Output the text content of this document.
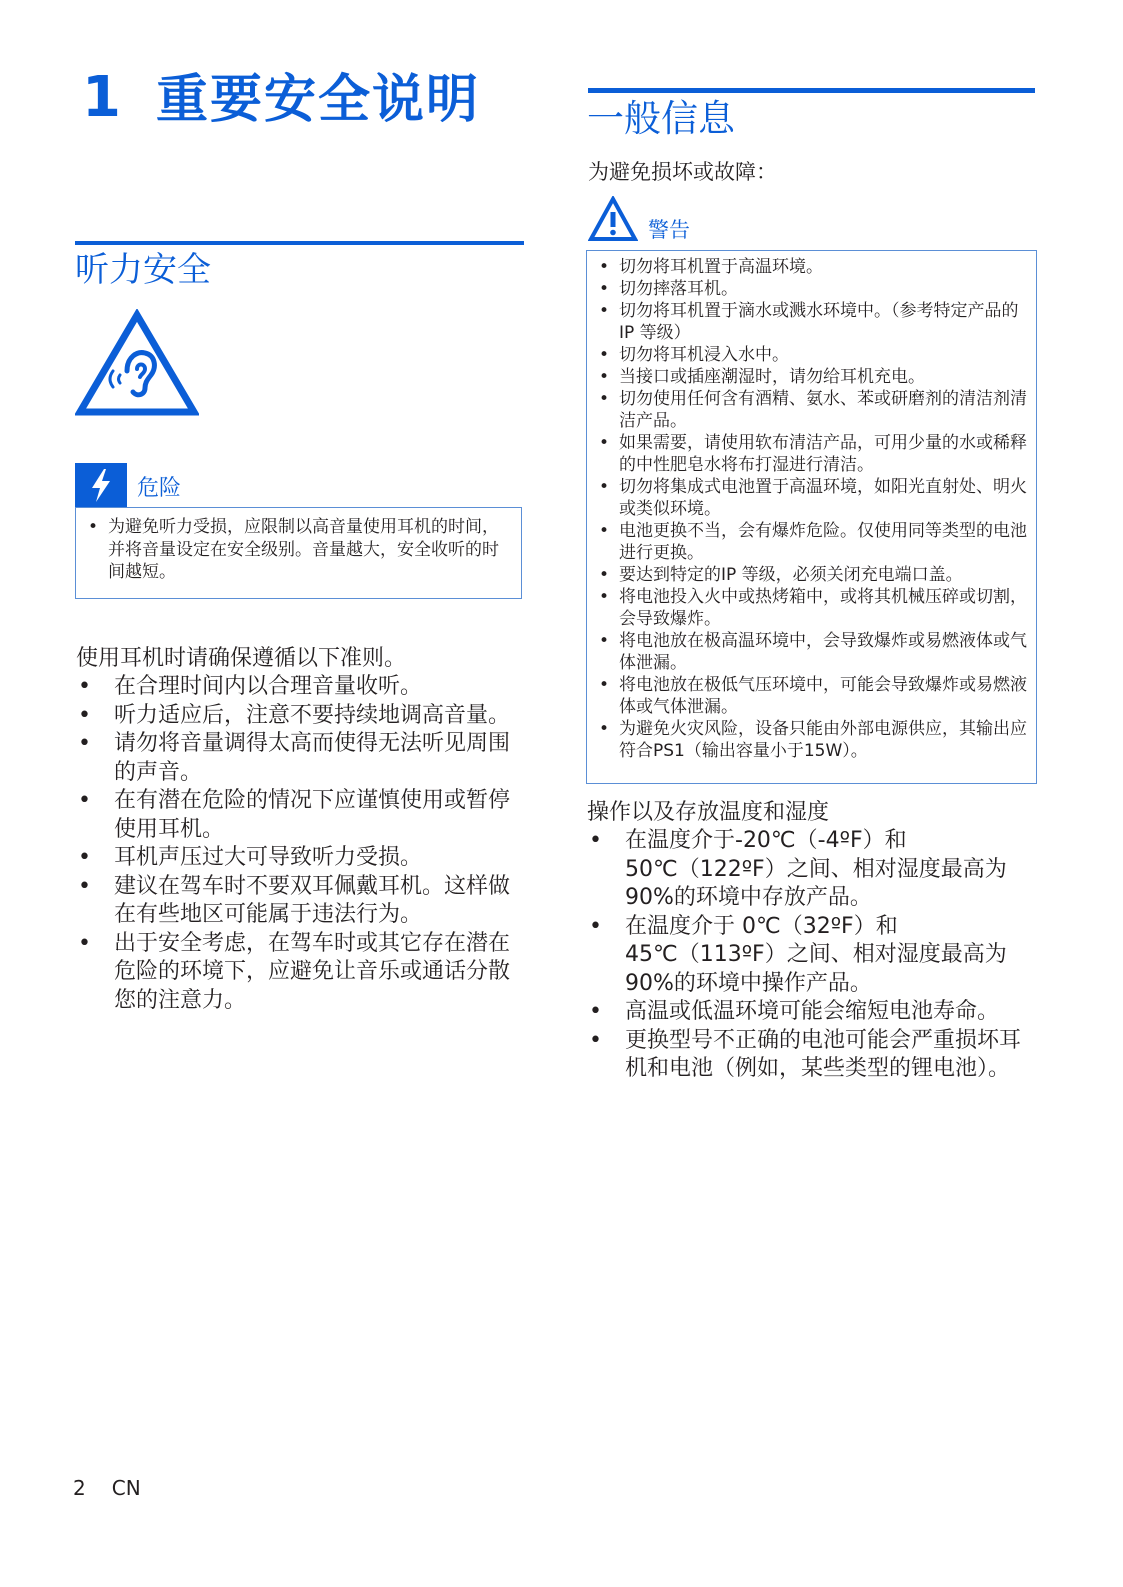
1 重要安全说明
听力安全
危险
• 为避免听力受损，应限制以高音量使用耳机的时间，并将音量设定在安全级别。音量越大，安全收听的时间越短。
使用耳机时请确保遵循以下准则。
• 在合理时间内以合理音量收听。
• 听力适应后，注意不要持续地调高音量。
• 请勿将音量调得太高而使得无法听见周围的声音。
• 在有潜在危险的情况下应谨慎使用或暂停使用耳机。
• 耳机声压过大可导致听力受损。
• 建议在驾车时不要双耳佩戴耳机。这样做在有些地区可能属于违法行为。
• 出于安全考虑，在驾车时或其它存在潜在危险的环境下，应避免让音乐或通话分散您的注意力。
一般信息
为避免损坏或故障：
警告
• 切勿将耳机置于高温环境。
• 切勿摔落耳机。
• 切勿将耳机置于滴水或溅水环境中。（参考特定产品的IP 等级）
• 切勿将耳机浸入水中。
• 当接口或插座潮湿时，请勿给耳机充电。
• 切勿使用任何含有酒精、氨水、苯或研磨剂的清洁剂清洁产品。
• 如果需要，请使用软布清洁产品，可用少量的水或稀释的中性肥皂水将布打湿进行清洁。
• 切勿将集成式电池置于高温环境，如阳光直射处、明火或类似环境。
• 电池更换不当，会有爆炸危险。仅使用同等类型的电池进行更换。
• 要达到特定的IP 等级，必须关闭充电端口盖。
• 将电池投入火中或热烤箱中，或将其机械压碎或切割，会导致爆炸。
• 将电池放在极高温环境中，会导致爆炸或易燃液体或气体泄漏。
• 将电池放在极低气压环境中，可能会导致爆炸或易燃液体或气体泄漏。
• 为避免火灾风险，设备只能由外部电源供应，其输出应符合PS1（输出容量小于15W）。
操作以及存放温度和湿度
• 在温度介于-20℃（-4ºF）和 50℃（122ºF）之间、相对湿度最高为90%的环境中存放产品。
• 在温度介于 0℃（32ºF）和45℃（113ºF）之间、相对湿度最高为90%的环境中操作产品。
• 高温或低温环境可能会缩短电池寿命。
• 更换型号不正确的电池可能会严重损坏耳机和电池（例如，某些类型的锂电池）。
2 CN
